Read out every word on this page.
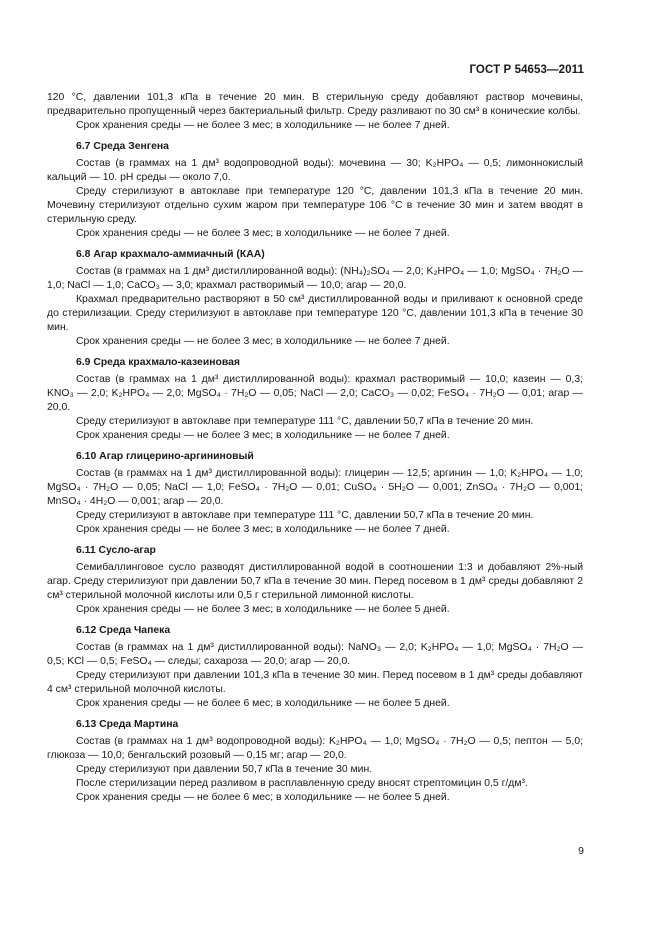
ГОСТ Р 54653—2011

120 °C, давлении 101,3 кПа в течение 20 мин. В стерильную среду добавляют раствор мочевины, предварительно пропущенный через бактериальный фильтр. Среду разливают по 30 см³ в конические колбы.

Срок хранения среды — не более 3 мес; в холодильнике — не более 7 дней.

6.7 Среда Зенгена

Состав (в граммах на 1 дм³ водопроводной воды): мочевина — 30; K₂HPO₄ — 0,5; лимоннокислый кальций — 10. pH среды — около 7,0.

Среду стерилизуют в автоклаве при температуре 120 °C, давлении 101,3 кПа в течение 20 мин. Мочевину стерилизуют отдельно сухим жаром при температуре 106 °C в течение 30 мин и затем вводят в стерильную среду.

Срок хранения среды — не более 3 мес; в холодильнике — не более 7 дней.

6.8 Агар крахмало-аммиачный (КАА)

Состав (в граммах на 1 дм³ дистиллированной воды): (NH₄)₂SO₄ — 2,0; K₂HPO₄ — 1,0; MgSO₄ · 7H₂O — 1,0; NaCl — 1,0; CaCO₃ — 3,0; крахмал растворимый — 10,0; агар — 20,0.

Крахмал предварительно растворяют в 50 см³ дистиллированной воды и приливают к основной среде до стерилизации. Среду стерилизуют в автоклаве при температуре 120 °C, давлении 101,3 кПа в течение 30 мин.

Срок хранения среды — не более 3 мес; в холодильнике — не более 7 дней.

6.9 Среда крахмало-казеиновая

Состав (в граммах на 1 дм³ дистиллированной воды): крахмал растворимый — 10,0; казеин — 0,3; KNO₃ — 2,0; K₂HPO₄ — 2,0; MgSO₄ · 7H₂O — 0,05; NaCl — 2,0; CaCO₃ — 0,02; FeSO₄ · 7H₂O — 0,01; агар — 20,0.

Среду стерилизуют в автоклаве при температуре 111 °C, давлении 50,7 кПа в течение 20 мин.

Срок хранения среды — не более 3 мес; в холодильнике — не более 7 дней.

6.10 Агар глицерино-аргининовый

Состав (в граммах на 1 дм³ дистиллированной воды): глицерин — 12,5; аргинин — 1,0; K₂HPO₄ — 1,0; MgSO₄ · 7H₂O — 0,05; NaCl — 1,0; FeSO₄ · 7H₂O — 0,01; CuSO₄ · 5H₂O — 0,001; ZnSO₄ · 7H₂O — 0,001; MnSO₄ · 4H₂O — 0,001; агар — 20,0.

Среду стерилизуют в автоклаве при температуре 111 °C, давлении 50,7 кПа в течение 20 мин.

Срок хранения среды — не более 3 мес; в холодильнике — не более 7 дней.

6.11 Сусло-агар

Семибаллинговое сусло разводят дистиллированной водой в соотношении 1:3 и добавляют 2%-ный агар. Среду стерилизуют при давлении 50,7 кПа в течение 30 мин. Перед посевом в 1 дм³ среды добавляют 2 см³ стерильной молочной кислоты или 0,5 г стерильной лимонной кислоты.

Срок хранения среды — не более 3 мес; в холодильнике — не более 5 дней.

6.12 Среда Чапека

Состав (в граммах на 1 дм³ дистиллированной воды): NaNO₃ — 2,0; K₂HPO₄ — 1,0; MgSO₄ · 7H₂O — 0,5; KCl — 0,5; FeSO₄ — следы; сахароза — 20,0; агар — 20,0.

Среду стерилизуют при давлении 101,3 кПа в течение 30 мин. Перед посевом в 1 дм³ среды добавляют 4 см³ стерильной молочной кислоты.

Срок хранения среды — не более 6 мес; в холодильнике — не более 5 дней.

6.13 Среда Мартина

Состав (в граммах на 1 дм³ водопроводной воды): K₂HPO₄ — 1,0; MgSO₄ · 7H₂O — 0,5; пептон — 5,0; глюкоза — 10,0; бенгальский розовый — 0,15 мг; агар — 20,0.

Среду стерилизуют при давлении 50,7 кПа в течение 30 мин.

После стерилизации перед разливом в расплавленную среду вносят стрептомицин 0,5 г/дм³.

Срок хранения среды — не более 6 мес; в холодильнике — не более 5 дней.

9
